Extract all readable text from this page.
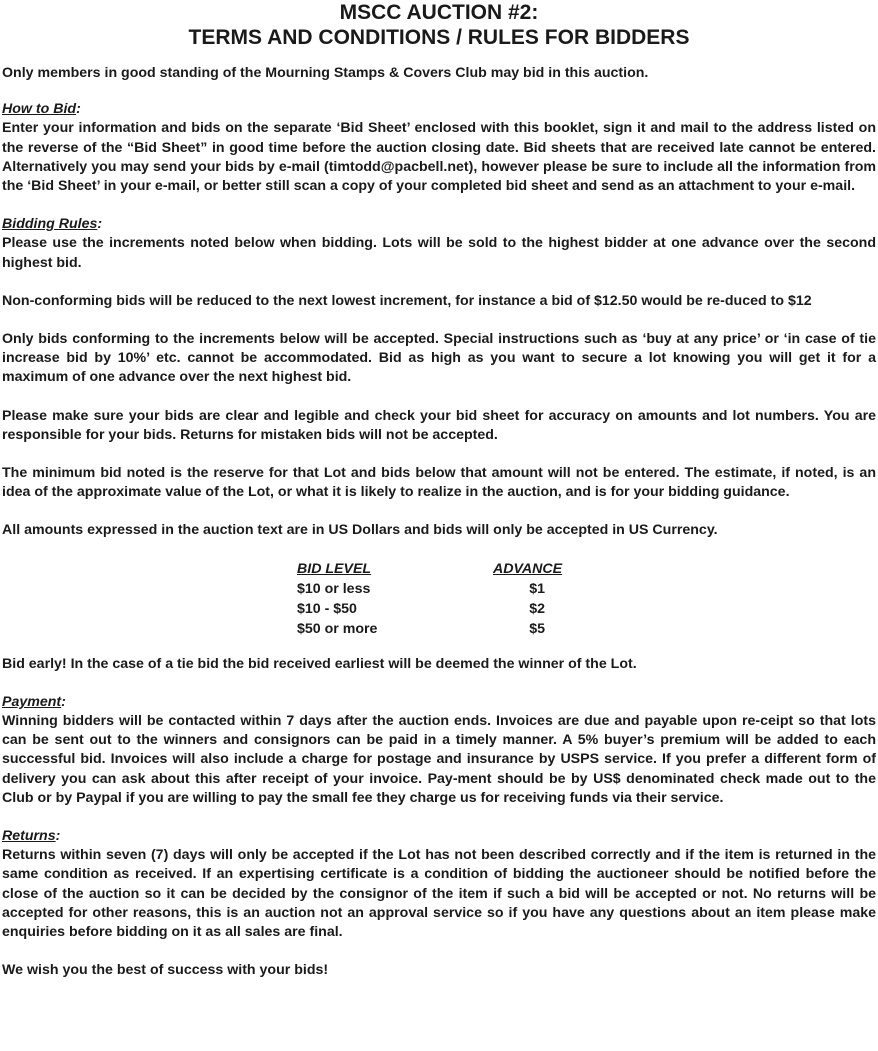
MSCC AUCTION #2:
TERMS AND CONDITIONS / RULES FOR BIDDERS

Only members in good standing of the Mourning Stamps & Covers Club may bid in this auction.

How to Bid:

Enter your information and bids on the separate ‘Bid Sheet’ enclosed with this booklet, sign it and mail to the address listed on the reverse of the “Bid Sheet” in good time before the auction closing date. Bid sheets that are received late cannot be entered. Alternatively you may send your bids by e-mail (timtodd@pacbell.net), however please be sure to include all the information from the ‘Bid Sheet’ in your e-mail, or better still scan a copy of your completed bid sheet and send as an attachment to your e-mail.

Bidding Rules:

Please use the increments noted below when bidding. Lots will be sold to the highest bidder at one advance over the second highest bid.

Non-conforming bids will be reduced to the next lowest increment, for instance a bid of $12.50 would be re-duced to $12

Only bids conforming to the increments below will be accepted. Special instructions such as ‘buy at any price’ or ‘in case of tie increase bid by 10%’ etc. cannot be accommodated. Bid as high as you want to secure a lot knowing you will get it for a maximum of one advance over the next highest bid.

Please make sure your bids are clear and legible and check your bid sheet for accuracy on amounts and lot numbers. You are responsible for your bids. Returns for mistaken bids will not be accepted.

The minimum bid noted is the reserve for that Lot and bids below that amount will not be entered. The estimate, if noted, is an idea of the approximate value of the Lot, or what it is likely to realize in the auction, and is for your bidding guidance.

All amounts expressed in the auction text are in US Dollars and bids will only be accepted in US Currency.

BID LEVEL	ADVANCE
$10 or less	$1
$10 - $50	$2
$50 or more	$5

Bid early! In the case of a tie bid the bid received earliest will be deemed the winner of the Lot.

Payment:

Winning bidders will be contacted within 7 days after the auction ends. Invoices are due and payable upon re-ceipt so that lots can be sent out to the winners and consignors can be paid in a timely manner. A 5% buyer’s premium will be added to each successful bid. Invoices will also include a charge for postage and insurance by USPS service. If you prefer a different form of delivery you can ask about this after receipt of your invoice. Pay-ment should be by US$ denominated check made out to the Club or by Paypal if you are willing to pay the small fee they charge us for receiving funds via their service.

Returns:

Returns within seven (7) days will only be accepted if the Lot has not been described correctly and if the item is returned in the same condition as received. If an expertising certificate is a condition of bidding the auctioneer should be notified before the close of the auction so it can be decided by the consignor of the item if such a bid will be accepted or not. No returns will be accepted for other reasons, this is an auction not an approval service so if you have any questions about an item please make enquiries before bidding on it as all sales are final.

We wish you the best of success with your bids!
